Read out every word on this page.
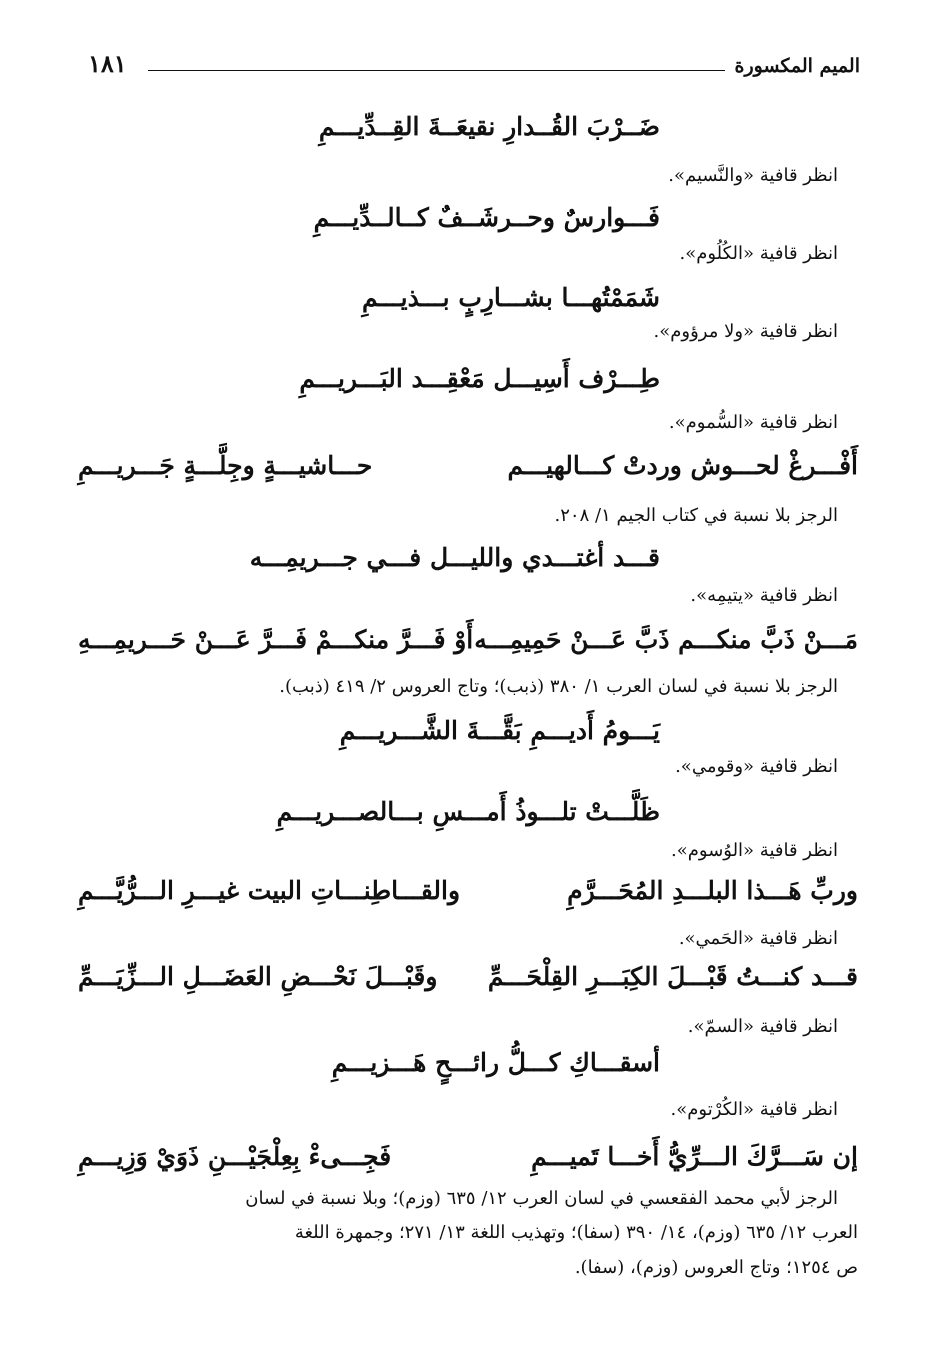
الميم المكسورة
١٨١
ضَــرْبَ القُــدارِ نقيعَــةَ القِــدِّيـــمِ
انظر قافية «والنَّسيم».
فَـــوارسٌ وحــرشَــفٌ كــالــدِّيـــمِ
انظر قافية «الكُلُوم».
شَمَمْتُهـــا بشـــارِبٍ بـــذيـــمِ
انظر قافية «ولا مرؤوم».
طِـــرْف أَسِيـــل مَعْقِـــد البَـــريـــمِ
انظر قافية «السُّموم».
أَفْـــرغْ لحـــوش وردتْ كـــالهيـــم
حـــاشيـــةٍ وجِلَّـــةٍ جَـــريـــمِ
الرجز بلا نسبة في كتاب الجيم ١/ ٢٠٨.
قـــد أغتـــدي والليـــل فـــي جـــريمِـــه
انظر قافية «يتيمِه».
مَـــنْ ذَبَّ منكـــم ذَبَّ عَـــنْ حَمِيمِـــه
أَوْ فَـــرَّ منكـــمْ فَـــرَّ عَـــنْ حَـــريمِـــهِ
الرجز بلا نسبة في لسان العرب ١/ ٣٨٠ (ذبب)؛ وتاج العروس ٢/ ٤١٩ (ذبب).
يَـــومُ أَديـــمِ بَقَّـــةَ الشَّـــريـــمِ
انظر قافية «وقومي».
ظَلَّـــتْ تلـــوذُ أَمـــسِ بـــالصـــريـــمِ
انظر قافية «الوُسوم».
وربِّ هَـــذا البلـــدِ المُحَـــرَّمِ
والقـــاطِنـــاتِ البيت غيـــرِ الـــرُّيَّـــمِ
انظر قافية «الحَمي».
قـــد كنـــتُ قَبْـــلَ الكِبَـــرِ القِلْحَـــمِّ
وقَبْـــلَ نَحْـــضِ العَضَـــلِ الـــزِّيَـــمِّ
انظر قافية «السمّ».
أسقـــاكِ كـــلُّ رائـــحٍ هَـــزيـــمِ
انظر قافية «الكُرْتوم».
إن سَـــرَّكَ الـــرِّيُّ أَخـــا تَميـــمِ
فَجِـــىءْ بِعِلْجَيْـــنِ ذَوَيْ وَزِيـــمِ
الرجز لأبي محمد الفقعسي في لسان العرب ١٢/ ٦٣٥ (وزم)؛ وبلا نسبة في لسان
العرب ١٢/ ٦٣٥ (وزم)، ١٤/ ٣٩٠ (سفا)؛ وتهذيب اللغة ١٣/ ٢٧١؛ وجمهرة اللغة
ص ١٢٥٤؛ وتاج العروس (وزم)، (سفا).
